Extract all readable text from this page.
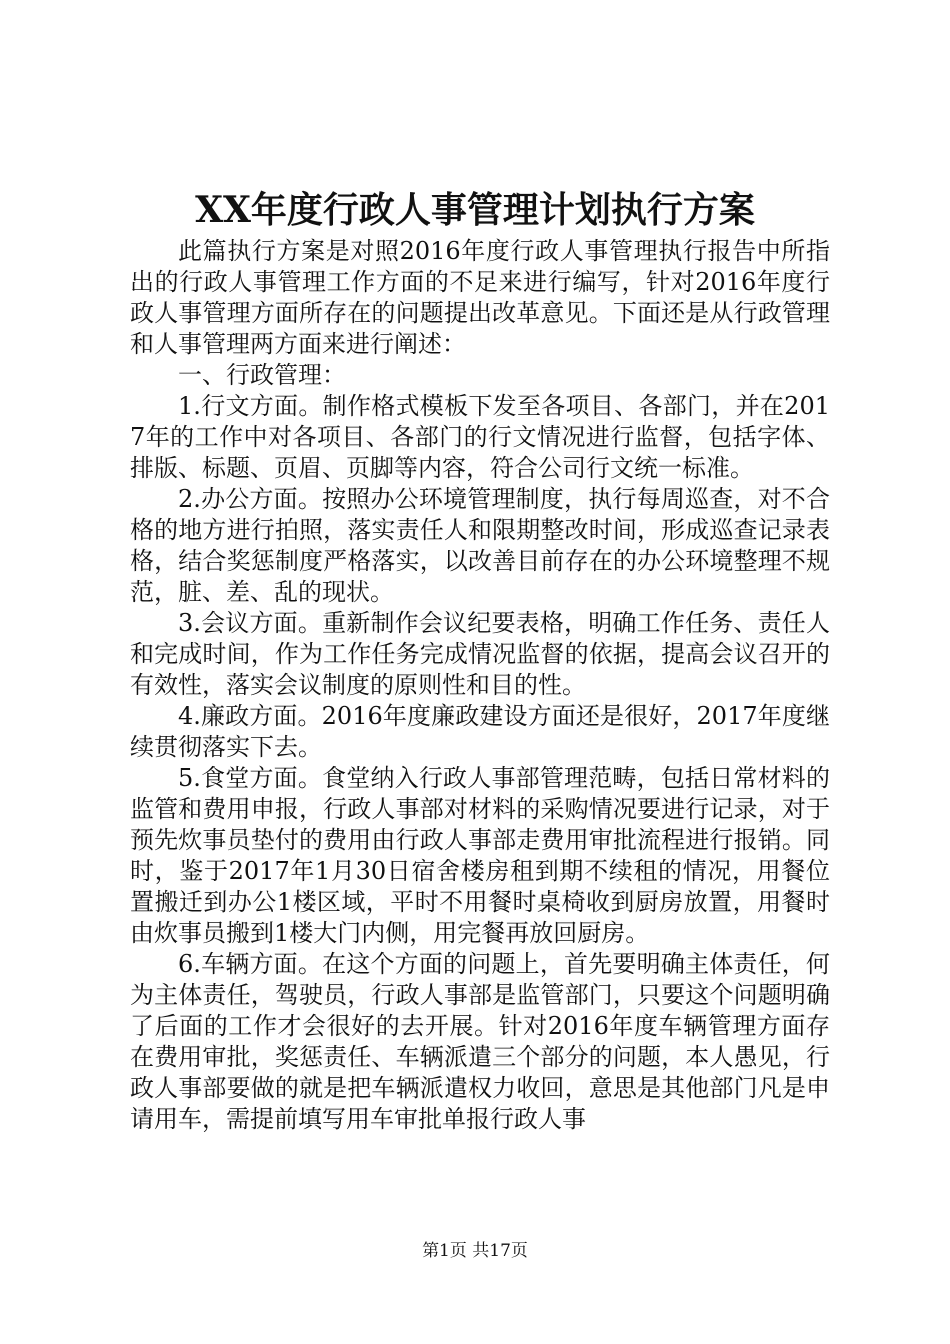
XX年度行政人事管理计划执行方案

此篇执行方案是对照2016年度行政人事管理执行报告中所指出的行政人事管理工作方面的不足来进行编写，针对2016年度行政人事管理方面所存在的问题提出改革意见。下面还是从行政管理和人事管理两方面来进行阐述：

一、行政管理：

1.行文方面。制作格式模板下发至各项目、各部门，并在2017年的工作中对各项目、各部门的行文情况进行监督，包括字体、排版、标题、页眉、页脚等内容，符合公司行文统一标准。

2.办公方面。按照办公环境管理制度，执行每周巡查，对不合格的地方进行拍照，落实责任人和限期整改时间，形成巡查记录表格，结合奖惩制度严格落实，以改善目前存在的办公环境整理不规范，脏、差、乱的现状。

3.会议方面。重新制作会议纪要表格，明确工作任务、责任人和完成时间，作为工作任务完成情况监督的依据，提高会议召开的有效性，落实会议制度的原则性和目的性。

4.廉政方面。2016年度廉政建设方面还是很好，2017年度继续贯彻落实下去。

5.食堂方面。食堂纳入行政人事部管理范畴，包括日常材料的监管和费用申报，行政人事部对材料的采购情况要进行记录，对于预先炊事员垫付的费用由行政人事部走费用审批流程进行报销。同时，鉴于2017年1月30日宿舍楼房租到期不续租的情况，用餐位置搬迁到办公1楼区域，平时不用餐时桌椅收到厨房放置，用餐时由炊事员搬到1楼大门内侧，用完餐再放回厨房。

6.车辆方面。在这个方面的问题上，首先要明确主体责任，何为主体责任，驾驶员，行政人事部是监管部门，只要这个问题明确了后面的工作才会很好的去开展。针对2016年度车辆管理方面存在费用审批，奖惩责任、车辆派遣三个部分的问题，本人愚见，行政人事部要做的就是把车辆派遣权力收回，意思是其他部门凡是申请用车，需提前填写用车审批单报行政人事

第1页 共17页
